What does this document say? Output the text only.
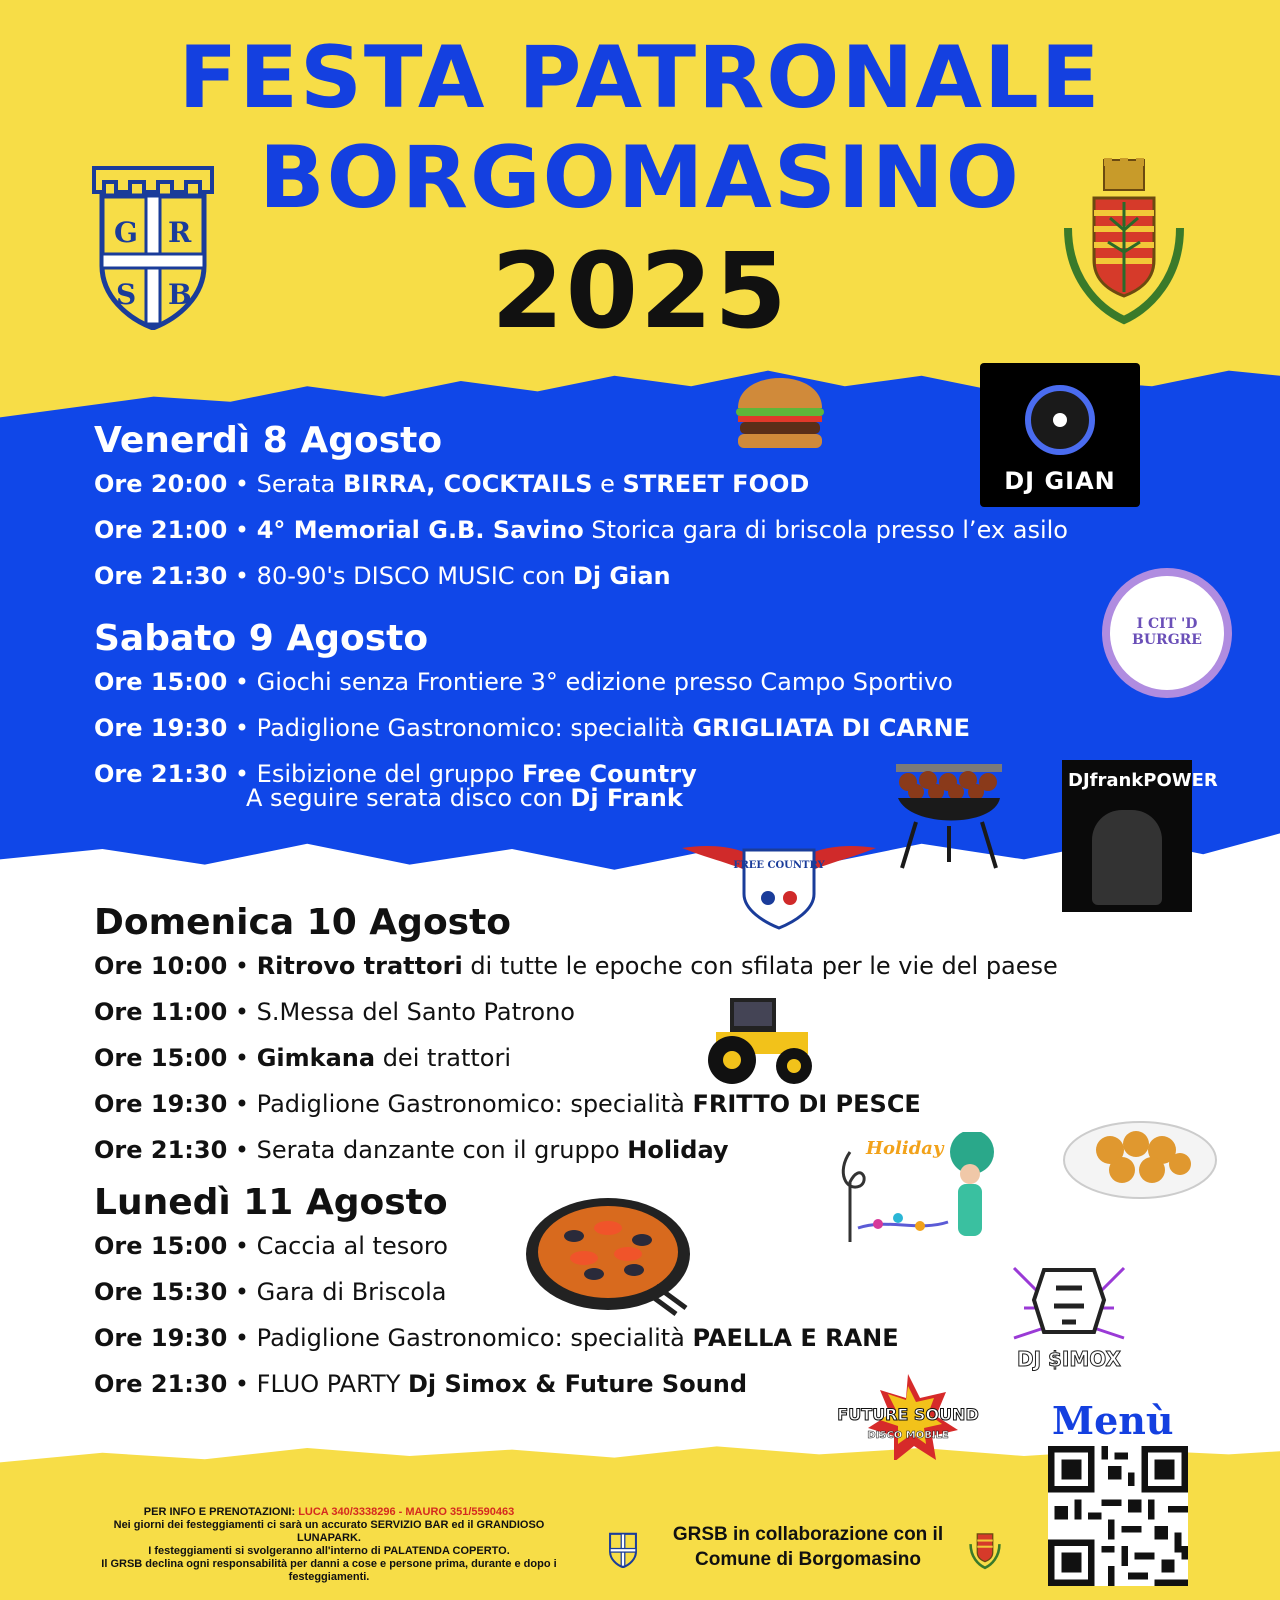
FESTA PATRONALE
BORGOMASINO
2025
G R
S B
DJ GIAN
I CIT 'D BURGRE
DJfrankPOWER
FREE COUNTRY
Holiday
DJ $IMOX
FUTURE SOUND
DISCO MOBILE
Venerdì 8 Agosto
Ore 20:00 • Serata BIRRA, COCKTAILS e STREET FOOD
Ore 21:00 • 4° Memorial G.B. Savino Storica gara di briscola presso l’ex asilo
Ore 21:30 • 80-90's DISCO MUSIC con Dj Gian
Sabato 9 Agosto
Ore 15:00 • Giochi senza Frontiere 3° edizione presso Campo Sportivo
Ore 19:30 • Padiglione Gastronomico: specialità GRIGLIATA DI CARNE
Ore 21:30 • Esibizione del gruppo Free Country
A seguire serata disco con Dj Frank
Domenica 10 Agosto
Ore 10:00 • Ritrovo trattori di tutte le epoche con sfilata per le vie del paese
Ore 11:00 • S.Messa del Santo Patrono
Ore 15:00 • Gimkana dei trattori
Ore 19:30 • Padiglione Gastronomico: specialità FRITTO DI PESCE
Ore 21:30 • Serata danzante con il gruppo Holiday
Lunedì 11 Agosto
Ore 15:00 • Caccia al tesoro
Ore 15:30 • Gara di Briscola
Ore 19:30 • Padiglione Gastronomico: specialità PAELLA E RANE
Ore 21:30 • FLUO PARTY Dj Simox & Future Sound
Menù
PER INFO E PRENOTAZIONI: LUCA 340/3338296 - MAURO 351/5590463
Nei giorni dei festeggiamenti ci sarà un accurato SERVIZIO BAR ed il GRANDIOSO LUNAPARK.
I festeggiamenti si svolgeranno all'interno di PALATENDA COPERTO.
Il GRSB declina ogni responsabilità per danni a cose e persone prima, durante e dopo i festeggiamenti.
GRSB in collaborazione con il
Comune di Borgomasino
